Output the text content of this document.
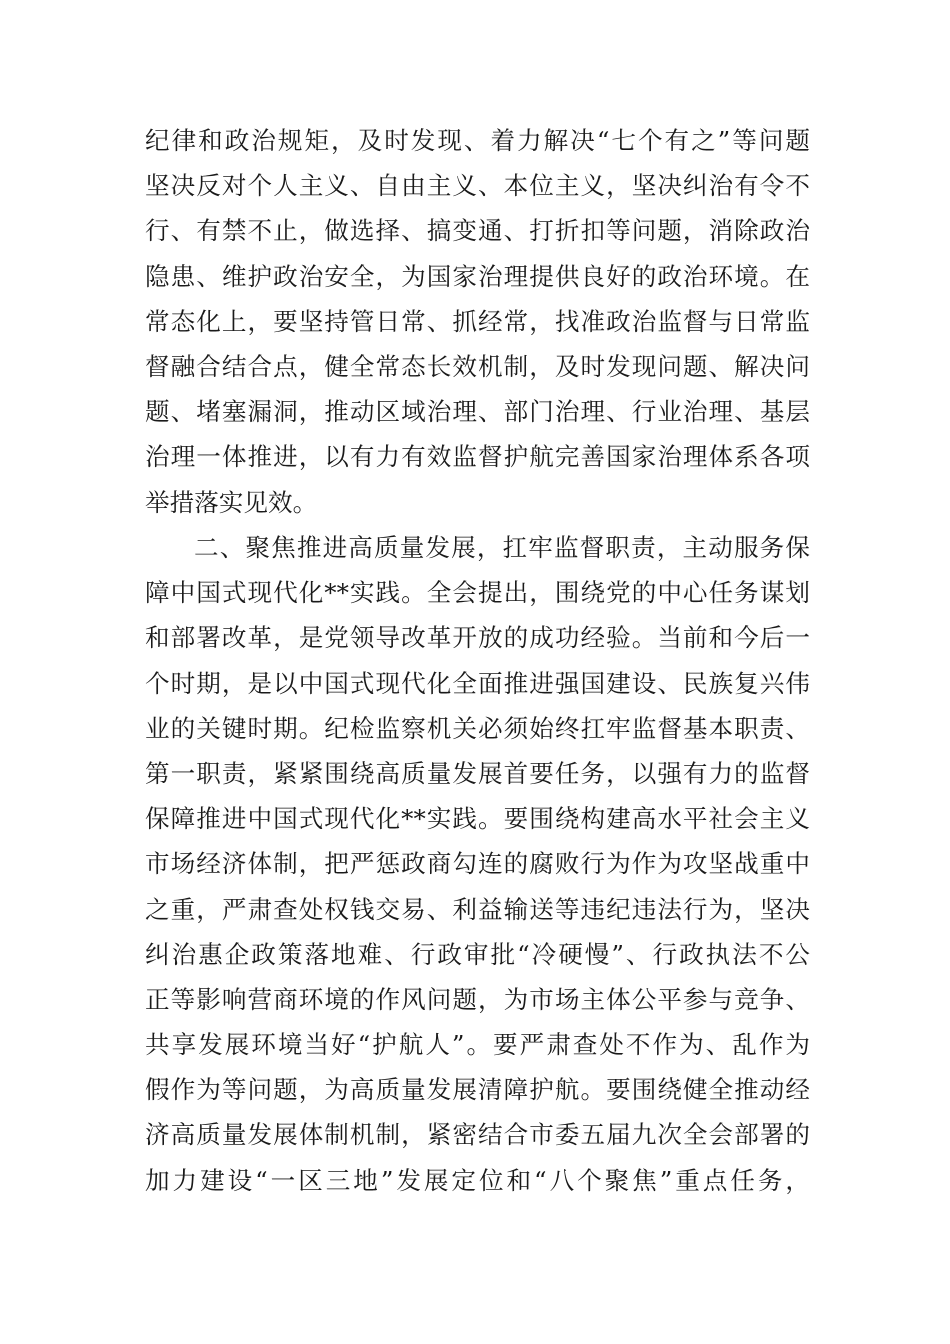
纪律和政治规矩，及时发现、着力解决“七个有之”等问题
坚决反对个人主义、自由主义、本位主义，坚决纠治有令不
行、有禁不止，做选择、搞变通、打折扣等问题，消除政治
隐患、维护政治安全，为国家治理提供良好的政治环境。在
常态化上，要坚持管日常、抓经常，找准政治监督与日常监
督融合结合点，健全常态长效机制，及时发现问题、解决问
题、堵塞漏洞，推动区域治理、部门治理、行业治理、基层
治理一体推进，以有力有效监督护航完善国家治理体系各项
举措落实见效。
二、聚焦推进高质量发展，扛牢监督职责，主动服务保
障中国式现代化**实践。全会提出，围绕党的中心任务谋划
和部署改革，是党领导改革开放的成功经验。当前和今后一
个时期，是以中国式现代化全面推进强国建设、民族复兴伟
业的关键时期。纪检监察机关必须始终扛牢监督基本职责、
第一职责，紧紧围绕高质量发展首要任务，以强有力的监督
保障推进中国式现代化**实践。要围绕构建高水平社会主义
市场经济体制，把严惩政商勾连的腐败行为作为攻坚战重中
之重，严肃查处权钱交易、利益输送等违纪违法行为，坚决
纠治惠企政策落地难、行政审批“冷硬慢”、行政执法不公
正等影响营商环境的作风问题，为市场主体公平参与竞争、
共享发展环境当好“护航人”。要严肃查处不作为、乱作为
假作为等问题，为高质量发展清障护航。要围绕健全推动经
济高质量发展体制机制，紧密结合市委五届九次全会部署的
加力建设“一区三地”发展定位和“八个聚焦”重点任务，
